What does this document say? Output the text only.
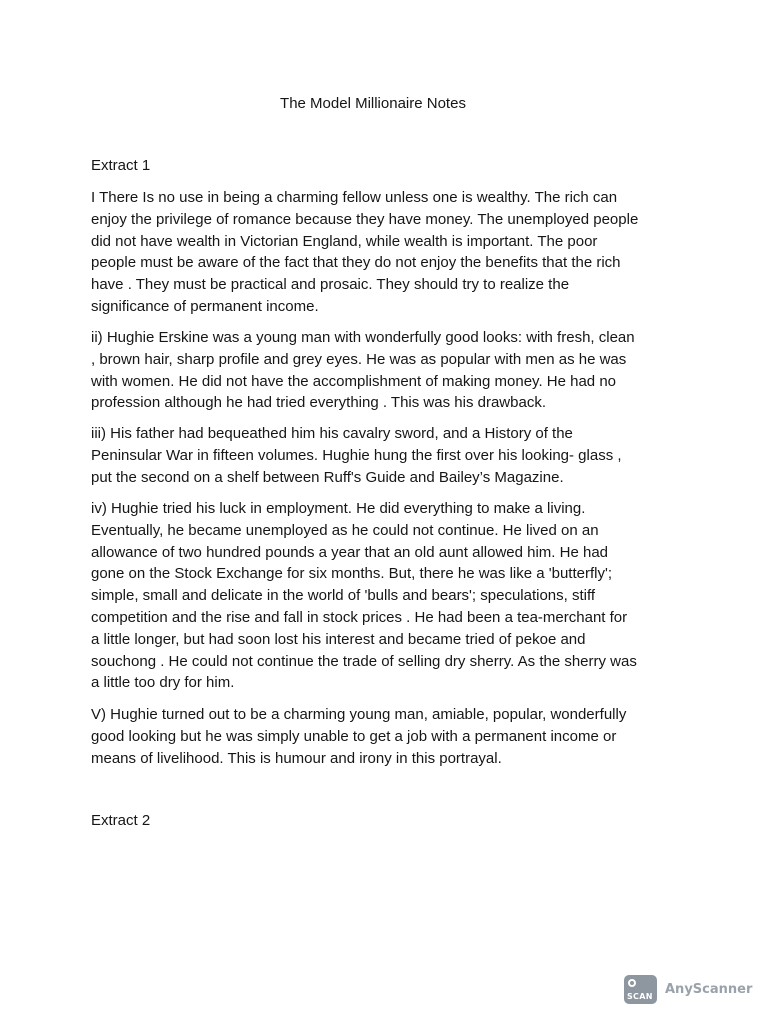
The Model Millionaire Notes
Extract 1
I There Is no use in being a charming fellow unless one is wealthy. The rich can
enjoy the privilege of romance because they have money. The unemployed people
did not have wealth in Victorian England, while wealth is important. The poor
people must be aware of the fact that they do not enjoy the benefits that the rich
have . They must be practical and prosaic. They should try to realize the
significance of permanent income.
ii) Hughie Erskine was a young man with wonderfully good looks: with fresh, clean
, brown hair, sharp profile and grey eyes. He was as popular with men as he was
with women. He did not have the accomplishment of making money. He had no
profession although he had tried everything . This was his drawback.
iii) His father had bequeathed him his cavalry sword, and a History of the
Peninsular War in fifteen volumes. Hughie hung the first over his looking- glass ,
put the second on a shelf between Ruff's Guide and Bailey’s Magazine.
iv) Hughie tried his luck in employment. He did everything to make a living.
Eventually, he became unemployed as he could not continue. He lived on an
allowance of two hundred pounds a year that an old aunt allowed him. He had
gone on the Stock Exchange for six months. But, there he was like a 'butterfly';
simple, small and delicate in the world of 'bulls and bears'; speculations, stiff
competition and the rise and fall in stock prices . He had been a tea-merchant for
a little longer, but had soon lost his interest and became tried of pekoe and
souchong . He could not continue the trade of selling dry sherry. As the sherry was
a little too dry for him.
V) Hughie turned out to be a charming young man, amiable, popular, wonderfully
good looking but he was simply unable to get a job with a permanent income or
means of livelihood. This is humour and irony in this portrayal.
Extract 2
SCAN AnyScanner
